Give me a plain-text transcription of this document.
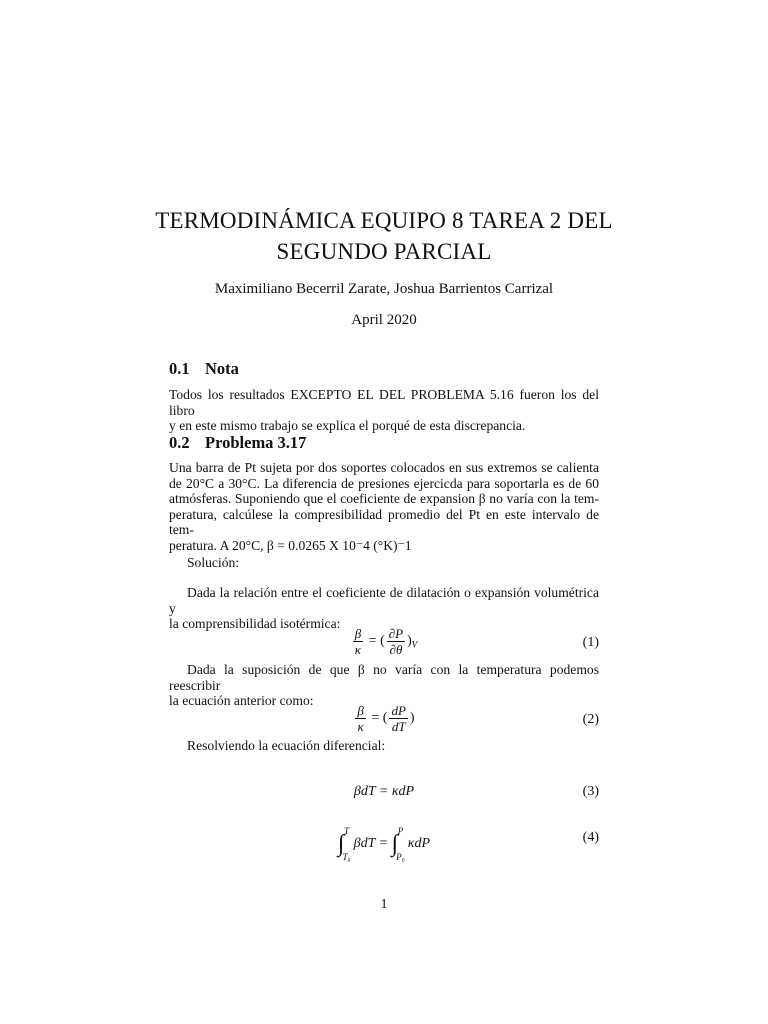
TERMODINÁMICA EQUIPO 8 TAREA 2 DEL
SEGUNDO PARCIAL
Maximiliano Becerril Zarate, Joshua Barrientos Carrizal
April 2020
0.1 Nota
Todos los resultados EXCEPTO EL DEL PROBLEMA 5.16 fueron los del libro
y en este mismo trabajo se explica el porqué de esta discrepancia.
0.2 Problema 3.17
Una barra de Pt sujeta por dos soportes colocados en sus extremos se calienta
de 20°C a 30°C. La diferencia de presiones ejercicda para soportarla es de 60
atmósferas. Suponiendo que el coeficiente de expansion β no varía con la tem-
peratura, calcúlese la compresibilidad promedio del Pt en este intervalo de tem-
peratura. A 20°C, β = 0.0265 X 10⁻4 (°K)⁻1
Solución:
Dada la relación entre el coeficiente de dilatación o expansión volumétrica y
la comprensibilidad isotérmica:
$\frac{\beta}{\kappa}$ = ( $\frac{\partial P}{\partial\theta} )_V$	(1)
Dada la suposición de que β no varía con la temperatura podemos reescribir
la ecuación anterior como:
$\frac{\beta}{\kappa}$ = ( $\frac{dP}{dT}$ )	(2)
Resolviendo la ecuación diferencial:
βdT = κdP	(3)
∫ T
T₀
βdT = ∫ P
P₀
κdP	(4)
1
